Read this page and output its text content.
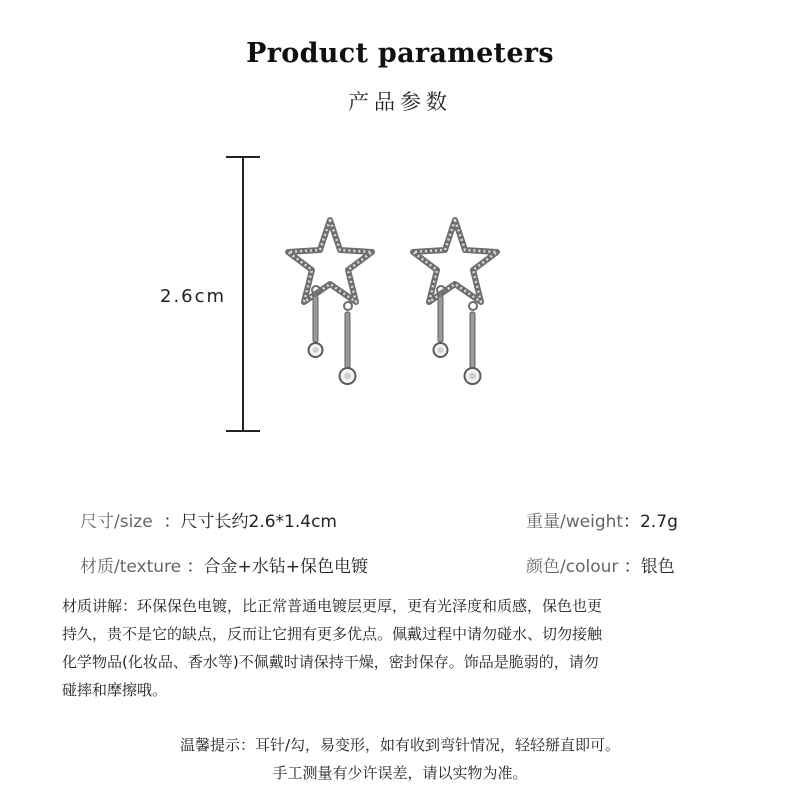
Product parameters
产品参数
2.6cm
尺寸/size ：尺寸长约2.6*1.4cm	重量/weight：2.7g
材质/texture ：合金+水钻+保色电镀	颜色/colour ：银色
材质讲解：环保保色电镀，比正常普通电镀层更厚，更有光泽度和质感，保色也更
持久，贵不是它的缺点，反而让它拥有更多优点。佩戴过程中请勿碰水、切勿接触
化学物品(化妆品、香水等)不佩戴时请保持干燥，密封保存。饰品是脆弱的，请勿
碰摔和摩擦哦。
温馨提示：耳针/勾，易变形，如有收到弯针情况，轻轻掰直即可。
手工测量有少许误差，请以实物为准。
